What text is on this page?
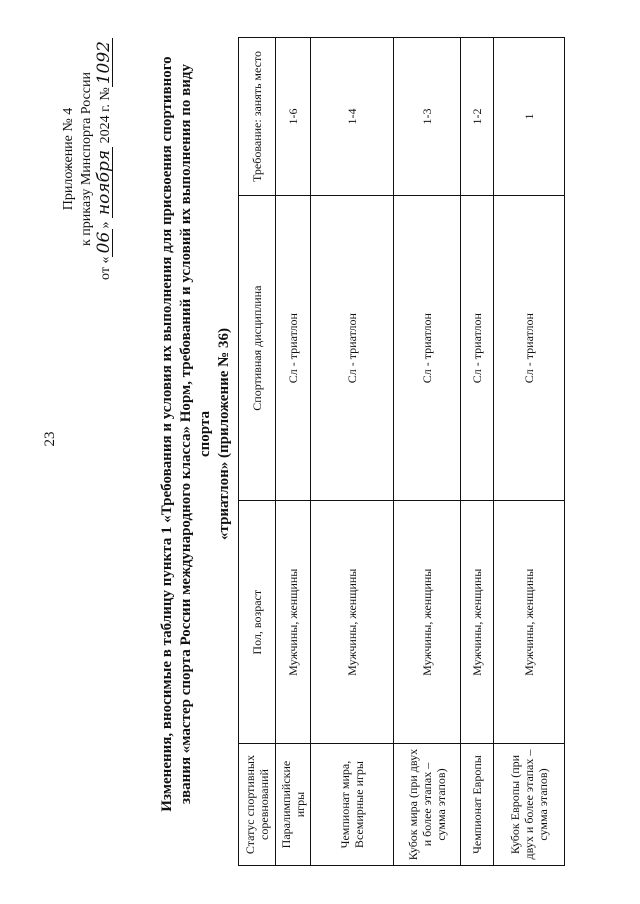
23
Приложение № 4 к приказу Минспорта России
от «06» ноября 2024 г. №1092	Изменения, вносимые в таблицу пункта 1 «Требования и условия их выполнения для присвоения спортивного звания «мастер спорта России международного класса» Норм, требований и условий их выполнения по виду спорта «триатлон» (приложение № 36)
Статус спортивных соревнований	Пол, возраст	Спортивная дисциплина	Требование: занять место
Паралимпийские игры	Мужчины, женщины	Сл - триатлон	1-6
Чемпионат мира, Всемирные игры	Мужчины, женщины	Сл - триатлон	1-4
Кубок мира (при двух и более этапах – сумма этапов)	Мужчины, женщины	Сл - триатлон	1-3
Чемпионат Европы	Мужчины, женщины	Сл - триатлон	1-2
Кубок Европы (при двух и более этапах – сумма этапов)	Мужчины, женщины	Сл - триатлон	1
